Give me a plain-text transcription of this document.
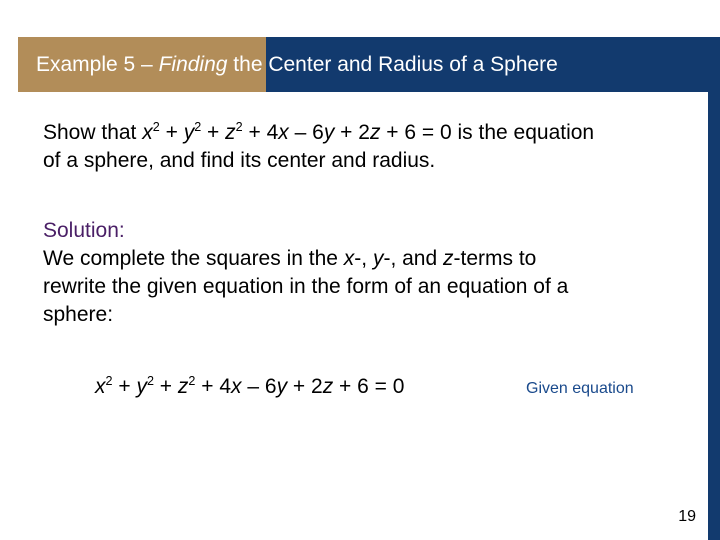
Example 5 – Finding the Center and Radius of a Sphere
Show that $x^2 + y^2 + z^2 + 4x - 6y + 2z + 6 = 0$ is the equation
of a sphere, and find its center and radius.
Solution:
We complete the squares in the x-, y-, and z-terms to
rewrite the given equation in the form of an equation of a
sphere:
$x^2 + y^2 + z^2 + 4x - 6y + 2z + 6 = 0$	Given equation
19
